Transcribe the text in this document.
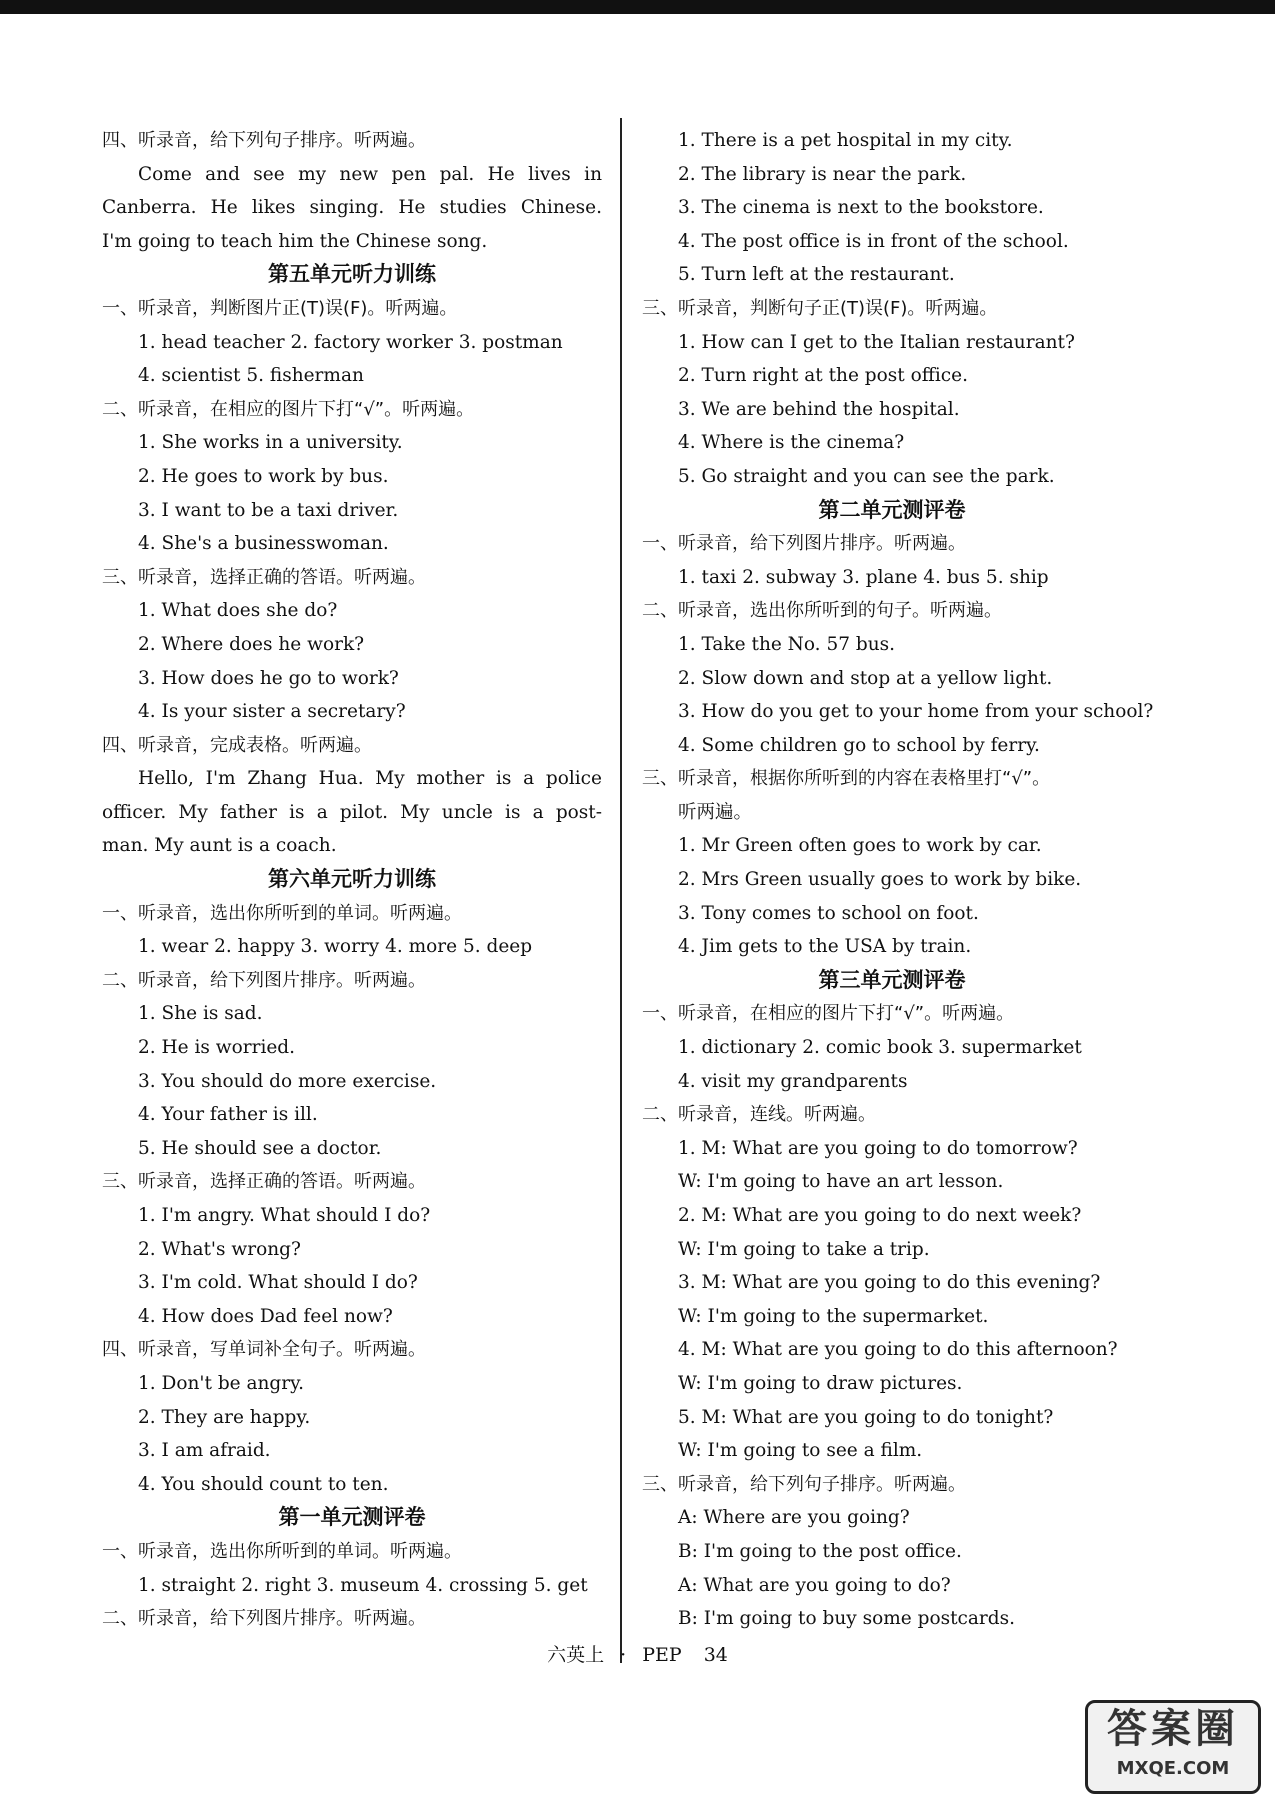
四、听录音，给下列句子排序。听两遍。
Come and see my new pen pal. He lives in
Canberra. He likes singing. He studies Chinese.
I'm going to teach him the Chinese song.
第五单元听力训练
一、听录音，判断图片正(T)误(F)。听两遍。
1. head teacher 2. factory worker 3. postman
4. scientist 5. fisherman
二、听录音，在相应的图片下打“√”。听两遍。
1. She works in a university.
2. He goes to work by bus.
3. I want to be a taxi driver.
4. She's a businesswoman.
三、听录音，选择正确的答语。听两遍。
1. What does she do?
2. Where does he work?
3. How does he go to work?
4. Is your sister a secretary?
四、听录音，完成表格。听两遍。
Hello, I'm Zhang Hua. My mother is a police
officer. My father is a pilot. My uncle is a post-
man. My aunt is a coach.
第六单元听力训练
一、听录音，选出你所听到的单词。听两遍。
1. wear 2. happy 3. worry 4. more 5. deep
二、听录音，给下列图片排序。听两遍。
1. She is sad.
2. He is worried.
3. You should do more exercise.
4. Your father is ill.
5. He should see a doctor.
三、听录音，选择正确的答语。听两遍。
1. I'm angry. What should I do?
2. What's wrong?
3. I'm cold. What should I do?
4. How does Dad feel now?
四、听录音，写单词补全句子。听两遍。
1. Don't be angry.
2. They are happy.
3. I am afraid.
4. You should count to ten.
第一单元测评卷
一、听录音，选出你所听到的单词。听两遍。
1. straight 2. right 3. museum 4. crossing 5. get
二、听录音，给下列图片排序。听两遍。
1. There is a pet hospital in my city.
2. The library is near the park.
3. The cinema is next to the bookstore.
4. The post office is in front of the school.
5. Turn left at the restaurant.
三、听录音，判断句子正(T)误(F)。听两遍。
1. How can I get to the Italian restaurant?
2. Turn right at the post office.
3. We are behind the hospital.
4. Where is the cinema?
5. Go straight and you can see the park.
第二单元测评卷
一、听录音，给下列图片排序。听两遍。
1. taxi 2. subway 3. plane 4. bus 5. ship
二、听录音，选出你所听到的句子。听两遍。
1. Take the No. 57 bus.
2. Slow down and stop at a yellow light.
3. How do you get to your home from your school?
4. Some children go to school by ferry.
三、听录音，根据你所听到的内容在表格里打“√”。
听两遍。
1. Mr Green often goes to work by car.
2. Mrs Green usually goes to work by bike.
3. Tony comes to school on foot.
4. Jim gets to the USA by train.
第三单元测评卷
一、听录音，在相应的图片下打“√”。听两遍。
1. dictionary 2. comic book 3. supermarket
4. visit my grandparents
二、听录音，连线。听两遍。
1. M: What are you going to do tomorrow?
W: I'm going to have an art lesson.
2. M: What are you going to do next week?
W: I'm going to take a trip.
3. M: What are you going to do this evening?
W: I'm going to the supermarket.
4. M: What are you going to do this afternoon?
W: I'm going to draw pictures.
5. M: What are you going to do tonight?
W: I'm going to see a film.
三、听录音，给下列句子排序。听两遍。
A: Where are you going?
B: I'm going to the post office.
A: What are you going to do?
B: I'm going to buy some postcards.
六英上 · PEP 34
答案圈
MXQE.COM
